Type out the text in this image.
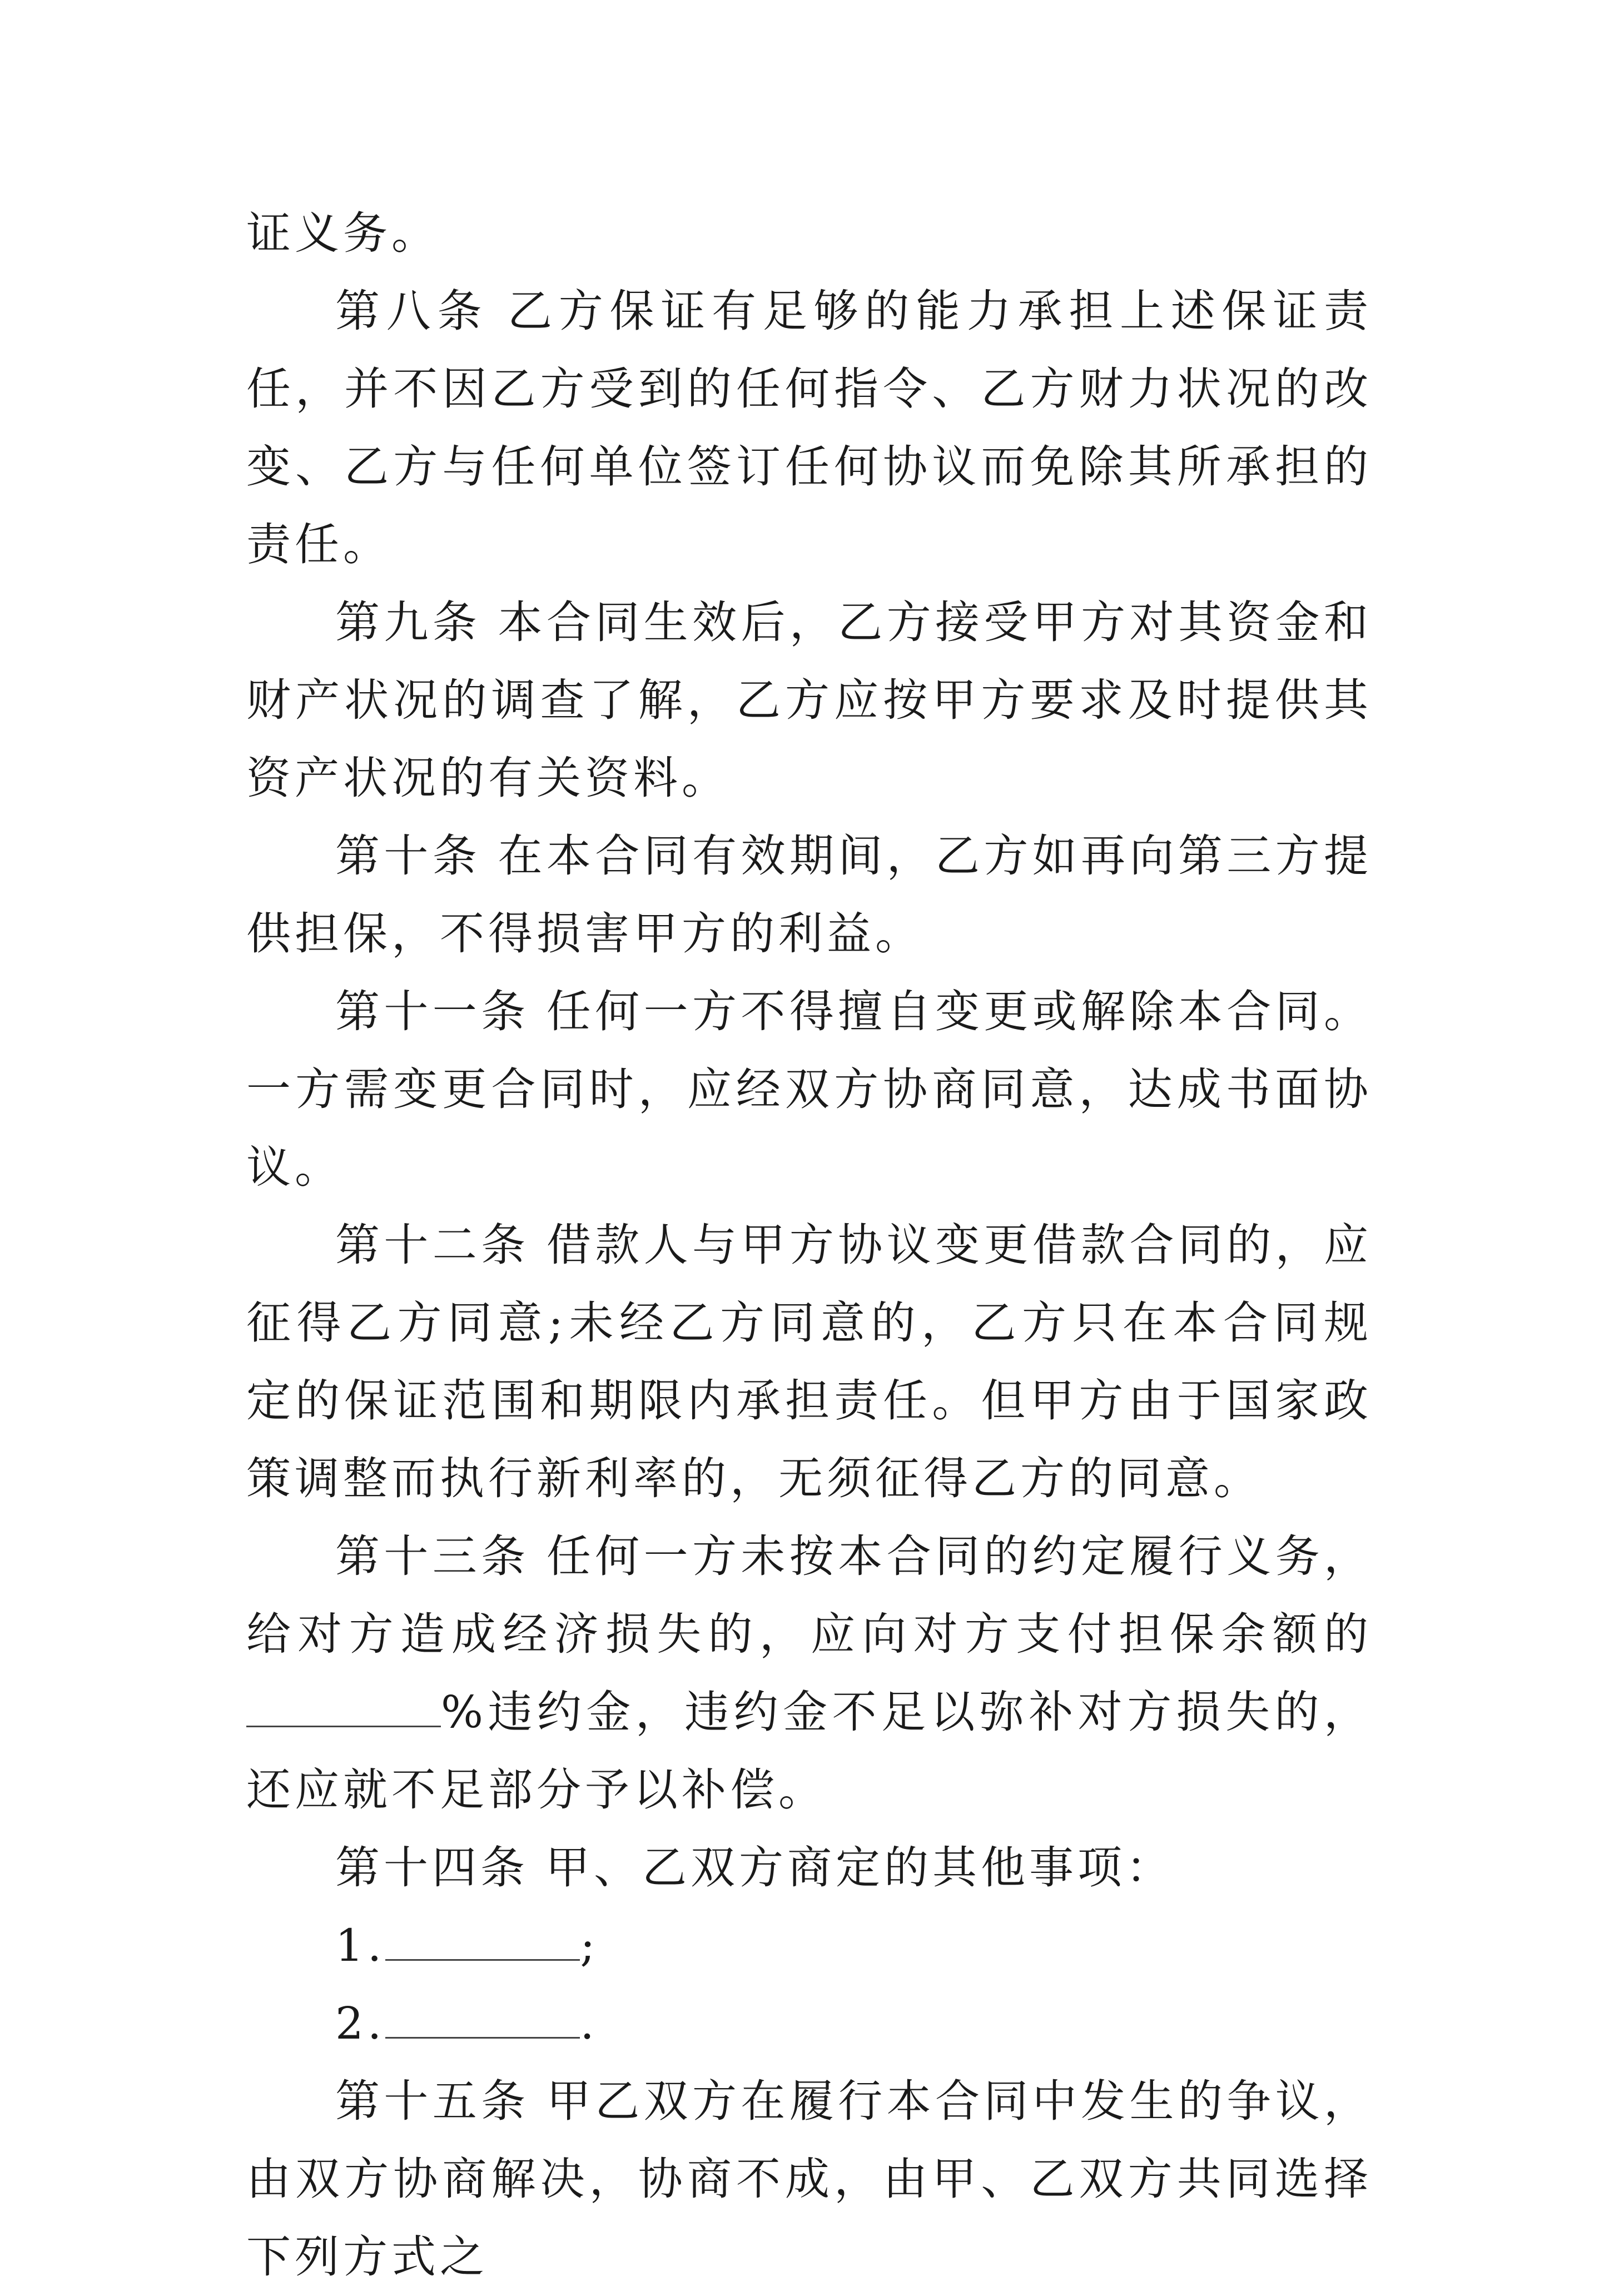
证义务。

第八条 乙方保证有足够的能力承担上述保证责任，并不因乙方受到的任何指令、乙方财力状况的改变、乙方与任何单位签订任何协议而免除其所承担的责任。

第九条 本合同生效后，乙方接受甲方对其资金和财产状况的调查了解，乙方应按甲方要求及时提供其资产状况的有关资料。

第十条 在本合同有效期间，乙方如再向第三方提供担保，不得损害甲方的利益。

第十一条 任何一方不得擅自变更或解除本合同。一方需变更合同时，应经双方协商同意，达成书面协议。

第十二条 借款人与甲方协议变更借款合同的，应征得乙方同意;未经乙方同意的，乙方只在本合同规定的保证范围和期限内承担责任。但甲方由于国家政策调整而执行新利率的，无须征得乙方的同意。

第十三条 任何一方未按本合同的约定履行义务，给对方造成经济损失的，应向对方支付担保余额的%违约金，违约金不足以弥补对方损失的，还应就不足部分予以补偿。

第十四条 甲、乙双方商定的其他事项：

1.	;

2.	.

第十五条 甲乙双方在履行本合同中发生的争议，由双方协商解决，协商不成，由甲、乙双方共同选择下列方式之
